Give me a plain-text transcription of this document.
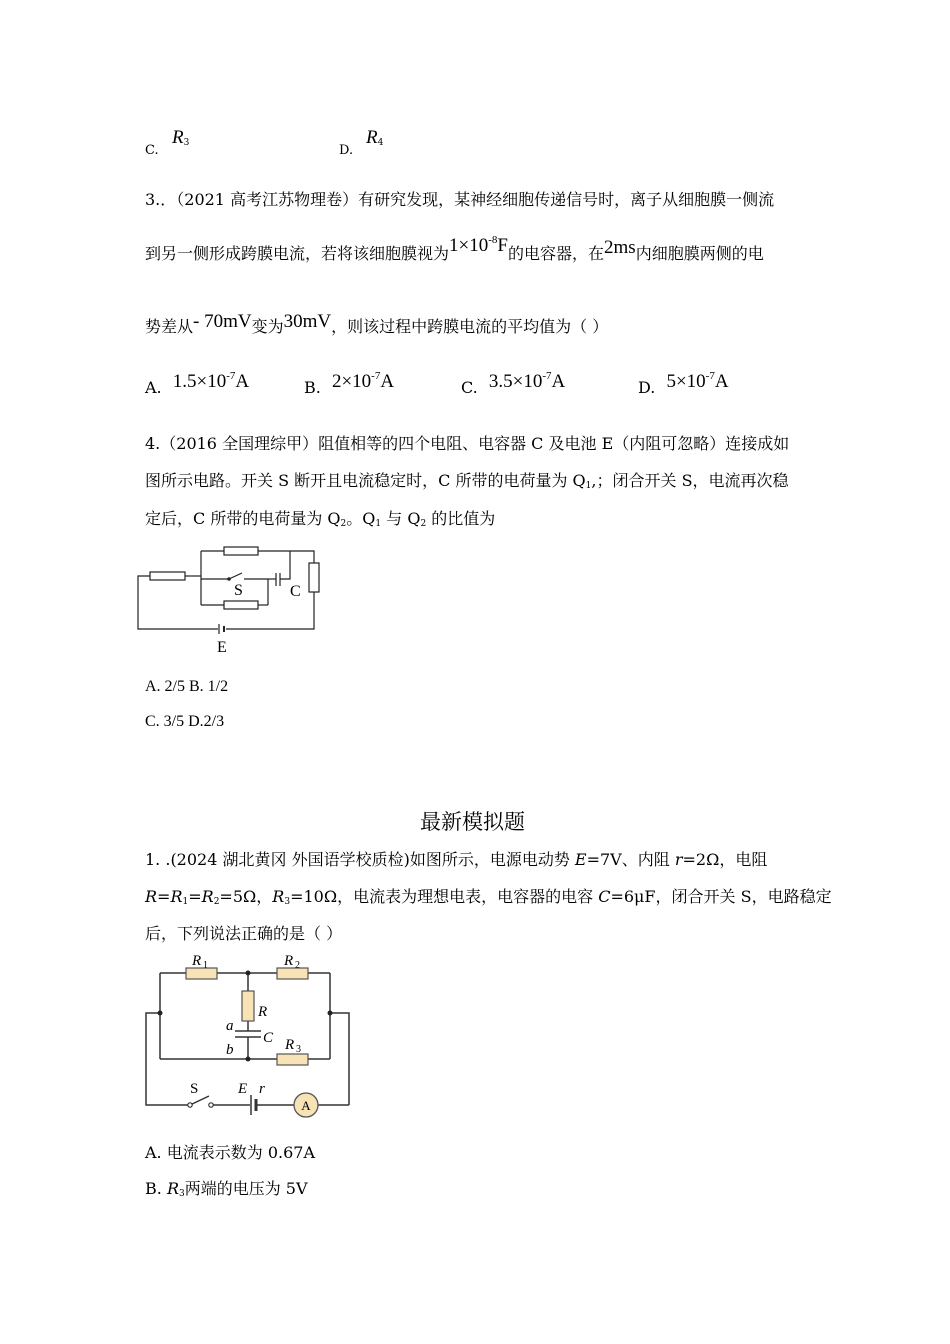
C.
$R_3$	D.
$R_4$
3.．（2021 高考江苏物理卷）有研究发现，某神经细胞传递信号时，离子从细胞膜一侧流
到另一侧形成跨膜电流，若将该细胞膜视为$1\times 10^{-8}F$的电容器，在2ms内细胞膜两侧的电
势差从- 70mV变为30mV，则该过程中跨膜电流的平均值为（ ）
A. $1.5\times 10^{-7}A$	B. $2\times 10^{-7}A$	C. $3.5\times 10^{-7}A$	D. $5\times 10^{-7}A$
4.（2016 全国理综甲）阻值相等的四个电阻、电容器 C 及电池 E（内阻可忽略）连接成如
图所示电路。开关 S 断开且电流稳定时，C 所带的电荷量为 $Q_1$,；闭合开关 S，电流再次稳
定后，C 所带的电荷量为 $Q_2$。$Q_1$ 与 $Q_2$ 的比值为
S	C
E
A. 2/5 B. 1/2
C. 3/5 D.2/3
最新模拟题
1. .(2024 湖北黄冈 外国语学校质检)如图所示，电源电动势 E=7V、内阻 r=2Ω，电阻
$R=R_1=R_2=5\Omega$，$R_3=10\Omega$，电流表为理想电表，电容器的电容 C=6μF，闭合开关 S，电路稳定
后，下列说法正确的是（ ）
A
R 1	R 2
R
a
b
C R 3
S	E r
A. 电流表示数为 0.67A
B. $R_3$两端的电压为 5V
